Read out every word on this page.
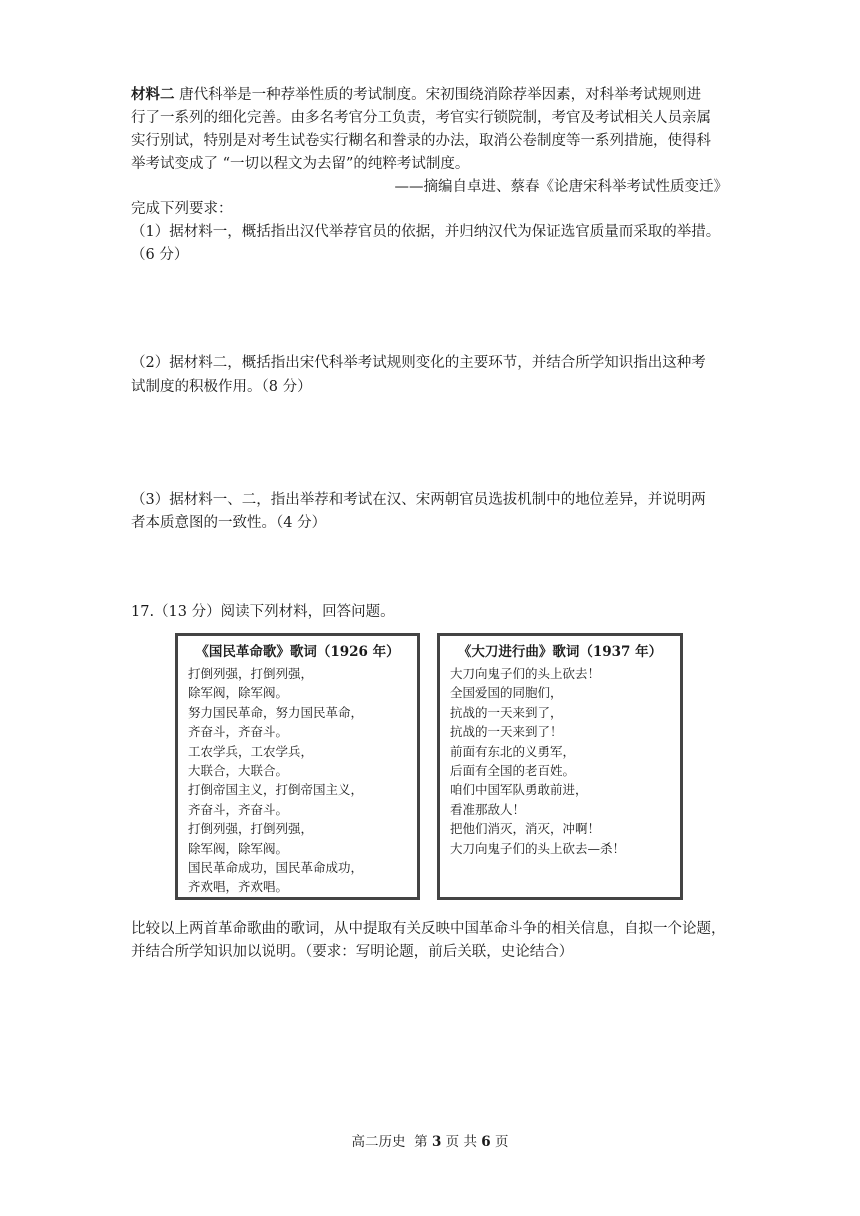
材料二 唐代科举是一种荐举性质的考试制度。宋初围绕消除荐举因素，对科举考试规则进
行了一系列的细化完善。由多名考官分工负责，考官实行锁院制，考官及考试相关人员亲属
实行别试，特别是对考生试卷实行糊名和誊录的办法，取消公卷制度等一系列措施，使得科
举考试变成了 “一切以程文为去留”的纯粹考试制度。
——摘编自卓进、蔡春《论唐宋科举考试性质变迁》
完成下列要求：
（1）据材料一，概括指出汉代举荐官员的依据，并归纳汉代为保证选官质量而采取的举措。
（6 分）
（2）据材料二，概括指出宋代科举考试规则变化的主要环节，并结合所学知识指出这种考
试制度的积极作用。（8 分）
（3）据材料一、二，指出举荐和考试在汉、宋两朝官员选拔机制中的地位差异，并说明两
者本质意图的一致性。（4 分）
17.（13 分）阅读下列材料，回答问题。
《国民革命歌》歌词（1926 年）
打倒列强，打倒列强，
除军阀，除军阀。
努力国民革命，努力国民革命，
齐奋斗，齐奋斗。
工农学兵，工农学兵，
大联合，大联合。
打倒帝国主义，打倒帝国主义，
齐奋斗，齐奋斗。
打倒列强，打倒列强，
除军阀，除军阀。
国民革命成功，国民革命成功，
齐欢唱，齐欢唱。
《大刀进行曲》歌词（1937 年）
大刀向鬼子们的头上砍去！
全国爱国的同胞们，
抗战的一天来到了，
抗战的一天来到了！
前面有东北的义勇军，
后面有全国的老百姓。
咱们中国军队勇敢前进，
看准那敌人！
把他们消灭，消灭，冲啊！
大刀向鬼子们的头上砍去—杀！
比较以上两首革命歌曲的歌词，从中提取有关反映中国革命斗争的相关信息，自拟一个论题，
并结合所学知识加以说明。（要求：写明论题，前后关联，史论结合）
高二历史 第 3 页 共 6 页
